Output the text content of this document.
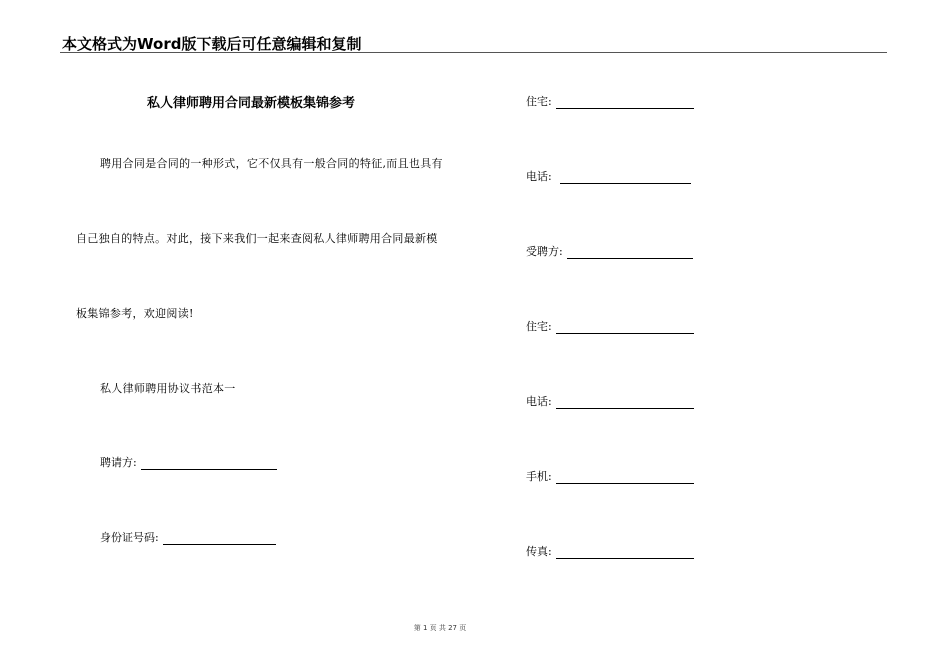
本文格式为Word版下载后可任意编辑和复制
私人律师聘用合同最新模板集锦参考
聘用合同是合同的一种形式，它不仅具有一般合同的特征,而且也具有
自己独自的特点。对此，接下来我们一起来查阅私人律师聘用合同最新模
板集锦参考，欢迎阅读!
私人律师聘用协议书范本一
聘请方:
身份证号码:
住宅:
电话:
受聘方:
住宅:
电话:
手机:
传真:
第 1 页 共 27 页
